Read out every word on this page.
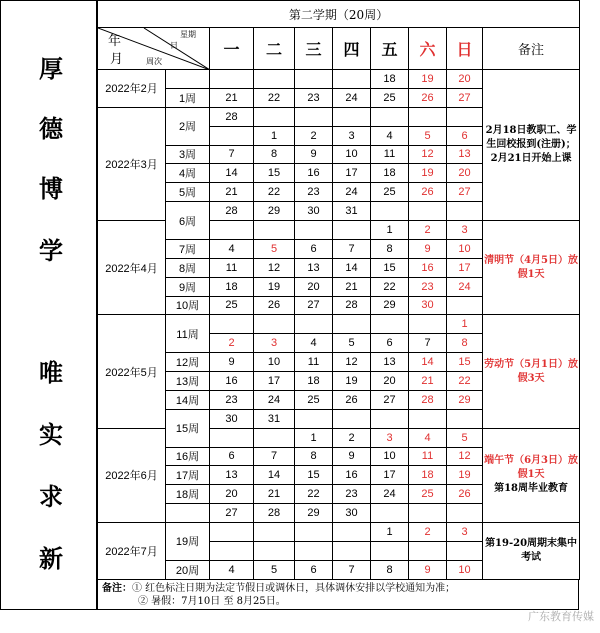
厚
德
博
学
唯
实
求
新
第二学期（20周）									

年
月 周次
星期
日		一	二	三	四	五	六	日	备注
2022年2月						18	19	20	2月18日教职工、学生回校报到(注册)；2月21日开始上课
	1周	21	22	23	24	25	26	27	
2022年3月	2周	28							
			1	2	3	4	5	6	
	3周	7	8	9	10	11	12	13	
	4周	14	15	16	17	18	19	20	
	5周	21	22	23	24	25	26	27	
	6周	28	29	30	31				
2022年4月						1	2	3	清明节（4月5日）放假1天
	7周	4	5	6	7	8	9	10	
	8周	11	12	13	14	15	16	17	
	9周	18	19	20	21	22	23	24	
	10周	25	26	27	28	29	30		
2022年5月	11周							1	劳动节（5月1日）放假3天
		2	3	4	5	6	7	8	
	12周	9	10	11	12	13	14	15	
	13周	16	17	18	19	20	21	22	
	14周	23	24	25	26	27	28	29	
	15周	30	31						
2022年6月				1	2	3	4	5	端午节（6月3日）放假1天
第18周毕业教育

	16周	6	7	8	9	10	11	12	
	17周	13	14	15	16	17	18	19	
	18周	20	21	22	23	24	25	26	
		27	28	29	30				
2022年7月	19周					1	2	3	第19-20周期末集中考试

	20周	4	5	6	7	8	9	10	
备注：① 红色标注日期为法定节假日或调休日，具体调休安排以学校通知为准；
② 暑假：7月10日 至 8月25日。
广东教育传媒
